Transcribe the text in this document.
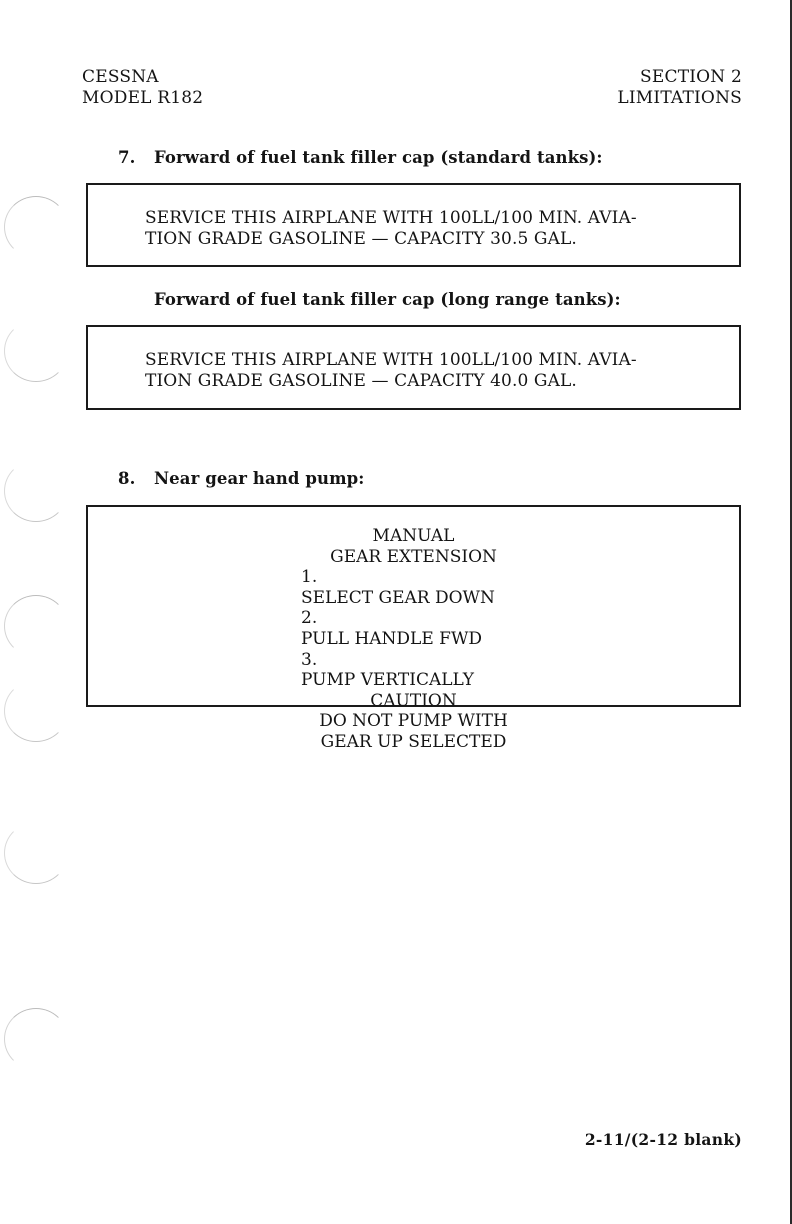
CESSNA
MODEL R182
SECTION 2
LIMITATIONS
7. Forward of fuel tank filler cap (standard tanks):
SERVICE THIS AIRPLANE WITH 100LL/100 MIN. AVIA-
TION GRADE GASOLINE — CAPACITY 30.5 GAL.
Forward of fuel tank filler cap (long range tanks):
SERVICE THIS AIRPLANE WITH 100LL/100 MIN. AVIA-
TION GRADE GASOLINE — CAPACITY 40.0 GAL.
8. Near gear hand pump:
MANUAL
GEAR EXTENSION
1.
SELECT GEAR DOWN
2.
PULL HANDLE FWD
3.
PUMP VERTICALLY
CAUTION
DO NOT PUMP WITH
GEAR UP SELECTED
2-11/(2-12 blank)
